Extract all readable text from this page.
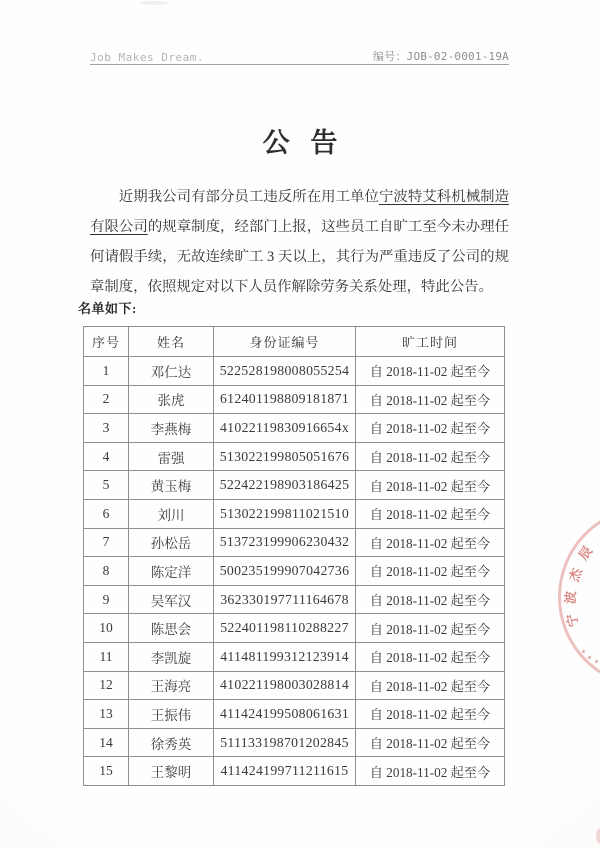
Job Makes Dream.	编号：JOB-02-0001-19A
公 告

近期我公司有部分员工违反所在用工单位宁波特艾科机械制造有限公司的规章制度，经部门上报，这些员工自旷工至今未办理任何请假手续，无故连续旷工 3 天以上，其行为严重违反了公司的规章制度，依照规定对以下人员作解除劳务关系处理，特此公告。

名单如下:
序号	姓名	身份证编号	旷工时间
1	邓仁达	522528198008055254	自 2018-11-02 起至今
2	张虎	612401198809181871	自 2018-11-02 起至今
3	李燕梅	41022119830916654x	自 2018-11-02 起至今
4	雷强	513022199805051676	自 2018-11-02 起至今
5	黄玉梅	522422198903186425	自 2018-11-02 起至今
6	刘川	513022199811021510	自 2018-11-02 起至今
7	孙松岳	513723199906230432	自 2018-11-02 起至今
8	陈定洋	500235199907042736	自 2018-11-02 起至今
9	吴军汉	362330197711164678	自 2018-11-02 起至今
10	陈思会	522401198110288227	自 2018-11-02 起至今
11	李凯旋	411481199312123914	自 2018-11-02 起至今
12	王海亮	410221198003028814	自 2018-11-02 起至今
13	王振伟	411424199508061631	自 2018-11-02 起至今
14	徐秀英	511133198701202845	自 2018-11-02 起至今
15	王黎明	411424199711211615	自 2018-11-02 起至今
宁
波
杰
辰
